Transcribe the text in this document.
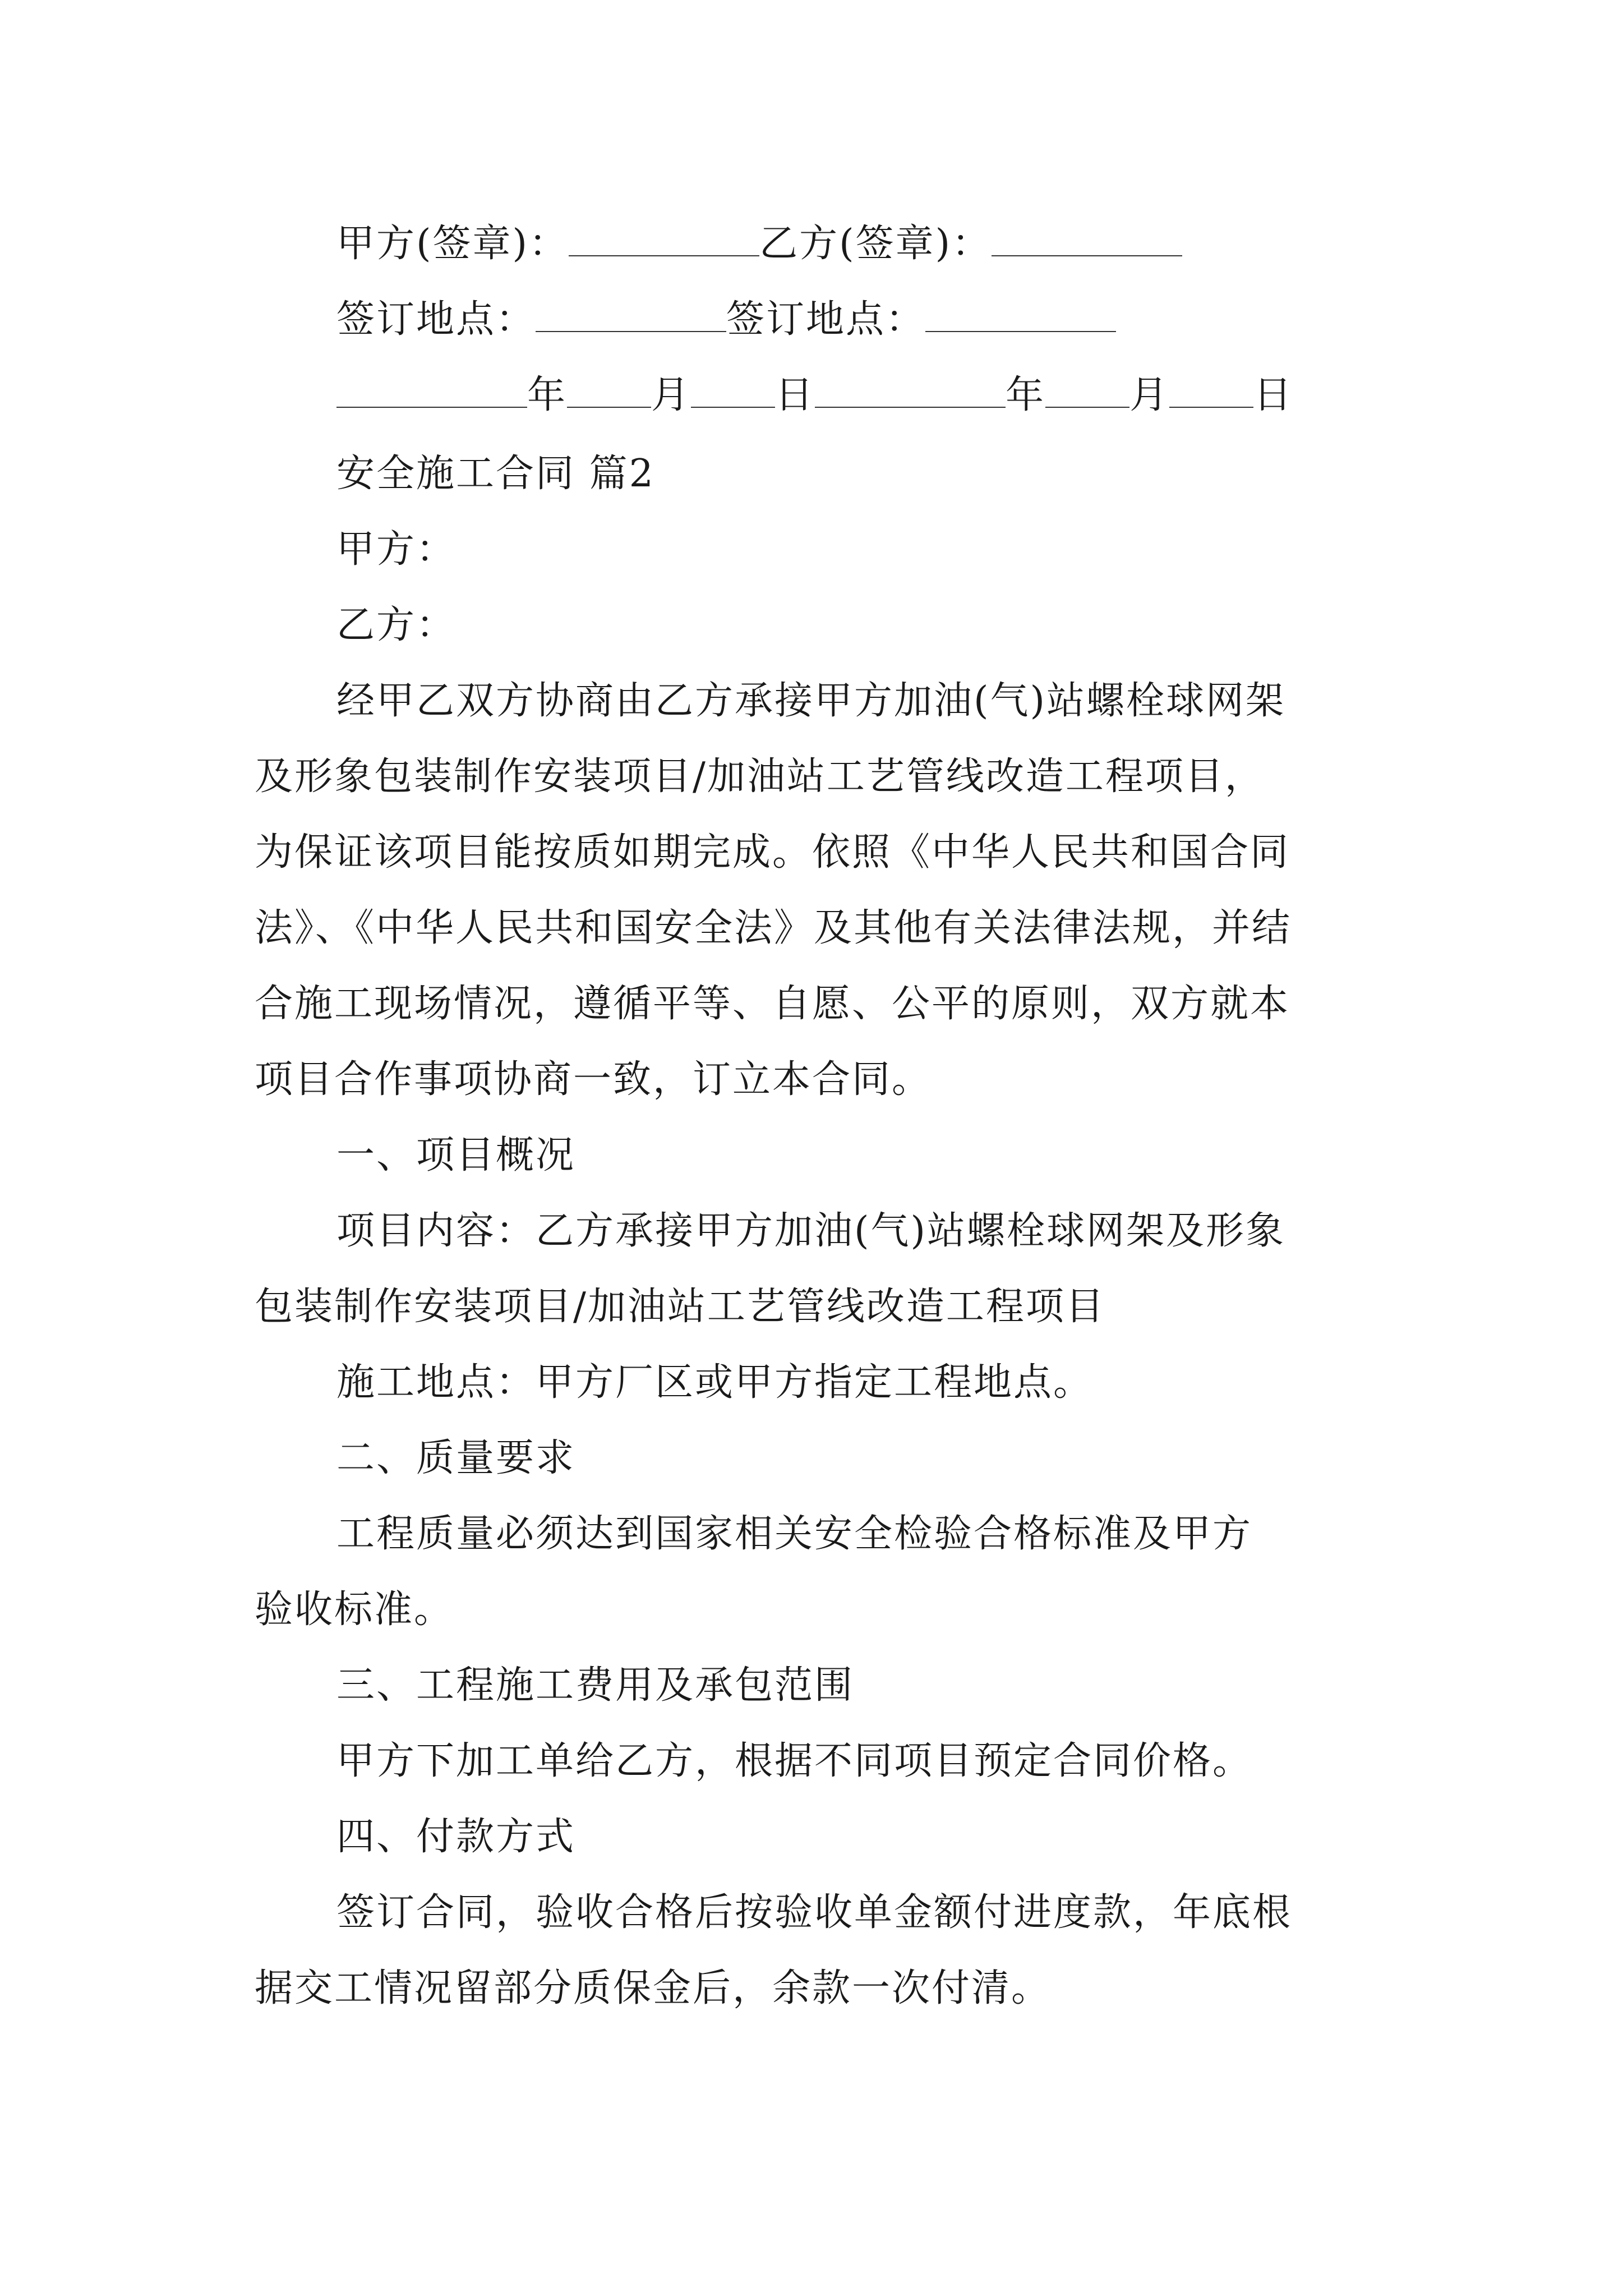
甲方(签章)：	乙方(签章)：
签订地点：	签订地点：
年 月 日	年 月 日
安全施工合同 篇2
甲方：
乙方：
经甲乙双方协商由乙方承接甲方加油(气)站螺栓球网架
及形象包装制作安装项目/加油站工艺管线改造工程项目，
为保证该项目能按质如期完成。依照《中华人民共和国合同
法》、《中华人民共和国安全法》及其他有关法律法规，并结
合施工现场情况，遵循平等、自愿、公平的原则，双方就本
项目合作事项协商一致，订立本合同。
一、项目概况
项目内容：乙方承接甲方加油(气)站螺栓球网架及形象
包装制作安装项目/加油站工艺管线改造工程项目
施工地点：甲方厂区或甲方指定工程地点。
二、质量要求
工程质量必须达到国家相关安全检验合格标准及甲方
验收标准。
三、工程施工费用及承包范围
甲方下加工单给乙方，根据不同项目预定合同价格。
四、付款方式
签订合同，验收合格后按验收单金额付进度款，年底根
据交工情况留部分质保金后，余款一次付清。
